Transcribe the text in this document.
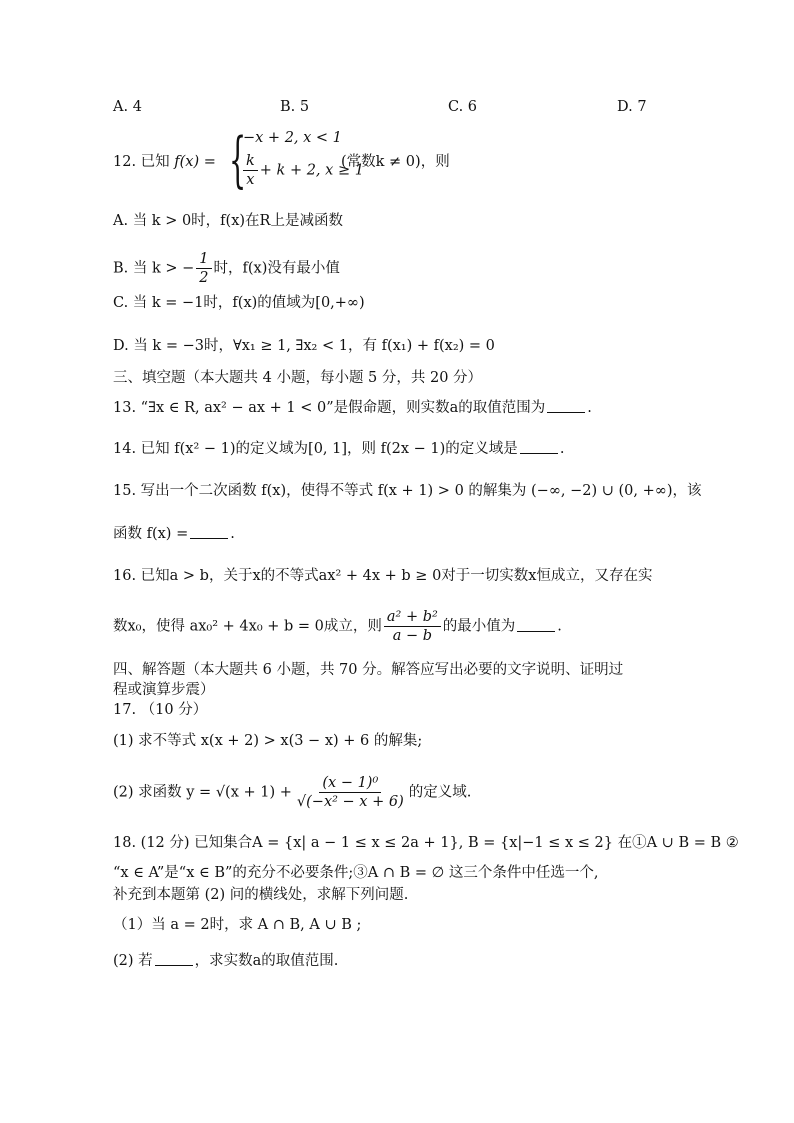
A. 4	B. 5	C. 6	D. 7
12. 已知 f(x) = {
−x + 2, x < 1
$\frac{k}{x} + k + 2$, x ≥ 1
(常数k ≠ 0)，则
A. 当 k > 0时，f(x)在R上是减函数
B. 当 k > − $\frac{1}{2}$ 时，f(x)没有最小值
C. 当 k = −1时，f(x)的值域为[0,+∞)
D. 当 k = −3时，∀x₁ ≥ 1, ∃x₂ < 1，有 f(x₁) + f(x₂) = 0
三、填空题（本大题共 4 小题，每小题 5 分，共 20 分）
13. “∃x ∈ R, ax² − ax + 1 < 0”是假命题，则实数a的取值范围为	.
14. 已知 f(x² − 1)的定义域为[0, 1]，则 f(2x − 1)的定义域是	.
15. 写出一个二次函数 f(x)，使得不等式 f(x + 1) > 0 的解集为 (−∞, −2) ∪ (0, +∞)，该
函数 f(x) =	.
16. 已知a > b，关于x的不等式ax² + 4x + b ≥ 0对于一切实数x恒成立，又存在实
数x₀，使得 ax₀² + 4x₀ + b = 0成立，则 $\frac{\text{a² + b²}}{a - b}$ 的最小值为	.
四、解答题（本大题共 6 小题，共 70 分。解答应写出必要的文字说明、证明过
程或演算步震）
17. （10 分）
(1) 求不等式 x(x + 2) > x(3 − x) + 6 的解集;
(2) 求函数 $y = √(x + 1) + \frac{\text{(x − 1)⁰}}{\text{√(−x² − x + 6)}}$ 的定义域.
18. (12 分) 已知集合A = {x| a − 1 ≤ x ≤ 2a + 1}, B = {x|−1 ≤ x ≤ 2} 在①A ∪ B = B ②
“x ∈ A”是“x ∈ B”的充分不必要条件;③A ∩ B = ∅ 这三个条件中任选一个,
补充到本题第 (2) 问的横线处，求解下列问题.
（1）当 a = 2时，求 A ∩ B, A ∪ B ;
(2) 若	，求实数a的取值范围.
